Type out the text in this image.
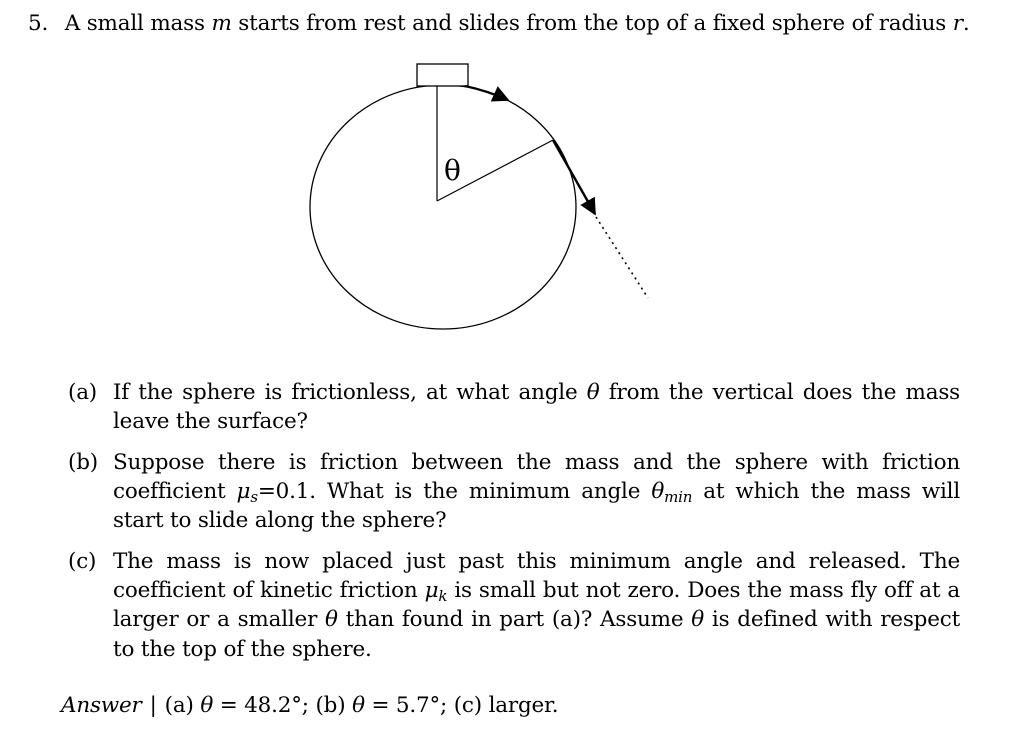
5. A small mass m starts from rest and slides from the top of a fixed sphere of radius r.
θ
(a) If the sphere is frictionless, at what angle θ from the vertical does the mass leave the surface?
(b) Suppose there is friction between the mass and the sphere with friction coefficient $\mu_s=0.1$. What is the minimum angle $\theta_{min}$ at which the mass will start to slide along the sphere?
(c) The mass is now placed just past this minimum angle and released. The coefficient of kinetic friction $\mu_k$ is small but not zero. Does the mass fly off at a larger or a smaller θ than found in part (a)? Assume θ is defined with respect to the top of the sphere.
Answer | (a) θ = 48.2°; (b) θ = 5.7°; (c) larger.
